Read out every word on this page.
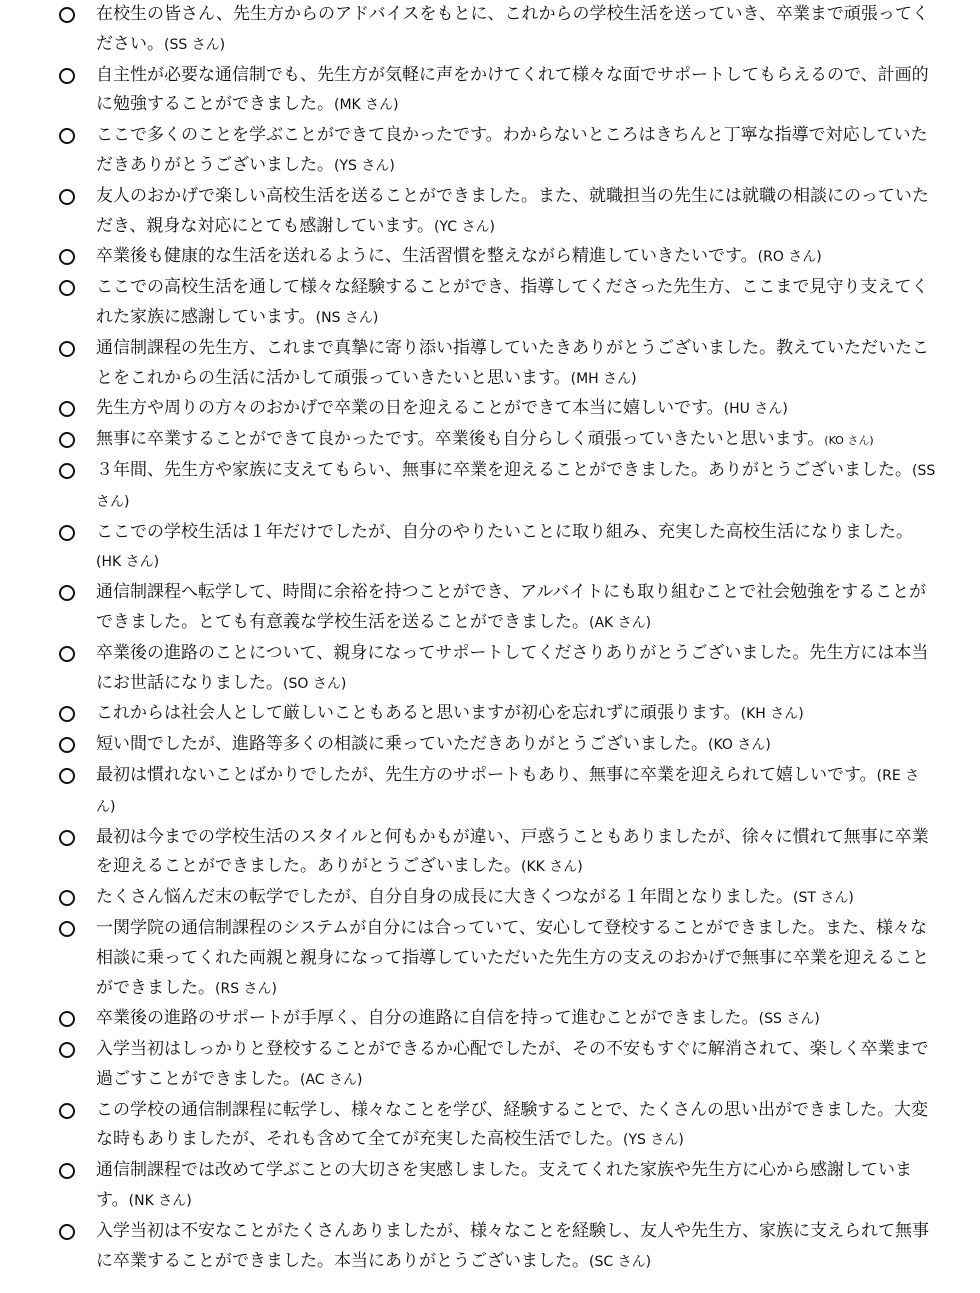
在校生の皆さん、先生方からのアドバイスをもとに、これからの学校生活を送っていき、卒業まで頑張ってください。(SS さん)
自主性が必要な通信制でも、先生方が気軽に声をかけてくれて様々な面でサポートしてもらえるので、計画的に勉強することができました。(MK さん)
ここで多くのことを学ぶことができて良かったです。わからないところはきちんと丁寧な指導で対応していただきありがとうございました。(YS さん)
友人のおかげで楽しい高校生活を送ることができました。また、就職担当の先生には就職の相談にのっていただき、親身な対応にとても感謝しています。(YC さん)
卒業後も健康的な生活を送れるように、生活習慣を整えながら精進していきたいです。(RO さん)
ここでの高校生活を通して様々な経験することができ、指導してくださった先生方、ここまで見守り支えてくれた家族に感謝しています。(NS さん)
通信制課程の先生方、これまで真摯に寄り添い指導していたきありがとうございました。教えていただいたことをこれからの生活に活かして頑張っていきたいと思います。(MH さん)
先生方や周りの方々のおかげで卒業の日を迎えることができて本当に嬉しいです。(HU さん)
無事に卒業することができて良かったです。卒業後も自分らしく頑張っていきたいと思います。(KO さん)
３年間、先生方や家族に支えてもらい、無事に卒業を迎えることができました。ありがとうございました。(SS さん)
ここでの学校生活は１年だけでしたが、自分のやりたいことに取り組み、充実した高校生活になりました。(HK さん)
通信制課程へ転学して、時間に余裕を持つことができ、アルバイトにも取り組むことで社会勉強をすることができました。とても有意義な学校生活を送ることができました。(AK さん)
卒業後の進路のことについて、親身になってサポートしてくださりありがとうございました。先生方には本当にお世話になりました。(SO さん)
これからは社会人として厳しいこともあると思いますが初心を忘れずに頑張ります。(KH さん)
短い間でしたが、進路等多くの相談に乗っていただきありがとうございました。(KO さん)
最初は慣れないことばかりでしたが、先生方のサポートもあり、無事に卒業を迎えられて嬉しいです。(RE さん)
最初は今までの学校生活のスタイルと何もかもが違い、戸惑うこともありましたが、徐々に慣れて無事に卒業を迎えることができました。ありがとうございました。(KK さん)
たくさん悩んだ末の転学でしたが、自分自身の成長に大きくつながる１年間となりました。(ST さん)
一関学院の通信制課程のシステムが自分には合っていて、安心して登校することができました。また、様々な相談に乗ってくれた両親と親身になって指導していただいた先生方の支えのおかげで無事に卒業を迎えることができました。(RS さん)
卒業後の進路のサポートが手厚く、自分の進路に自信を持って進むことができました。(SS さん)
入学当初はしっかりと登校することができるか心配でしたが、その不安もすぐに解消されて、楽しく卒業まで過ごすことができました。(AC さん)
この学校の通信制課程に転学し、様々なことを学び、経験することで、たくさんの思い出ができました。大変な時もありましたが、それも含めて全てが充実した高校生活でした。(YS さん)
通信制課程では改めて学ぶことの大切さを実感しました。支えてくれた家族や先生方に心から感謝しています。(NK さん)
入学当初は不安なことがたくさんありましたが、様々なことを経験し、友人や先生方、家族に支えられて無事に卒業することができました。本当にありがとうございました。(SC さん)
